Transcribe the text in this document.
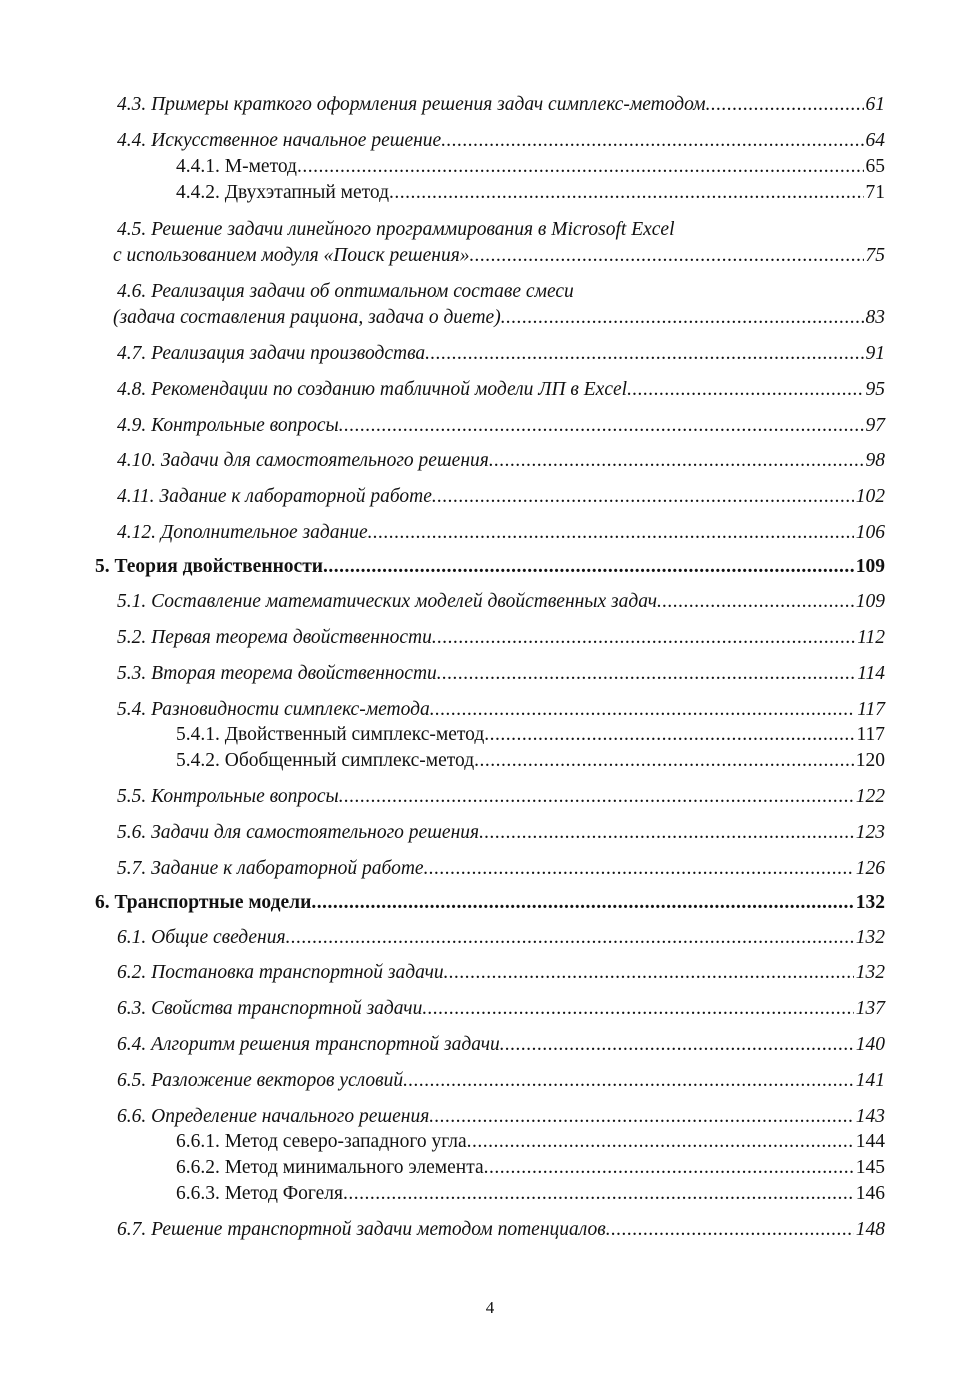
4.3. Примеры краткого оформления решения задач симплекс-методом .....	61
4.4. Искусственное начальное решение .....	64
4.4.1. М-метод .....	65
4.4.2. Двухэтапный метод .....	71
4.5. Решение задачи линейного программирования в Microsoft Excel
с использованием модуля «Поиск решения» .....	75
4.6. Реализация задачи об оптимальном составе смеси
(задача составления рациона, задача о диете) .....	83
4.7. Реализация задачи производства .....	91
4.8. Рекомендации по созданию табличной модели ЛП в Excel .....	95
4.9. Контрольные вопросы .....	97
4.10. Задачи для самостоятельного решения .....	98
4.11. Задание к лабораторной работе .....	102
4.12. Дополнительное задание .....	106
5. Теория двойственности .....	109
5.1. Составление математических моделей двойственных задач .....	109
5.2. Первая теорема двойственности .....	112
5.3. Вторая теорема двойственности .....	114
5.4. Разновидности симплекс-метода .....	117
5.4.1. Двойственный симплекс-метод .....	117
5.4.2. Обобщенный симплекс-метод .....	120
5.5. Контрольные вопросы .....	122
5.6. Задачи для самостоятельного решения .....	123
5.7. Задание к лабораторной работе .....	126
6. Транспортные модели .....	132
6.1. Общие сведения .....	132
6.2. Постановка транспортной задачи .....	132
6.3. Свойства транспортной задачи .....	137
6.4. Алгоритм решения транспортной задачи .....	140
6.5. Разложение векторов условий .....	141
6.6. Определение начального решения .....	143
6.6.1. Метод северо-западного угла .....	144
6.6.2. Метод минимального элемента .....	145
6.6.3. Метод Фогеля .....	146
6.7. Решение транспортной задачи методом потенциалов .....	148
4
